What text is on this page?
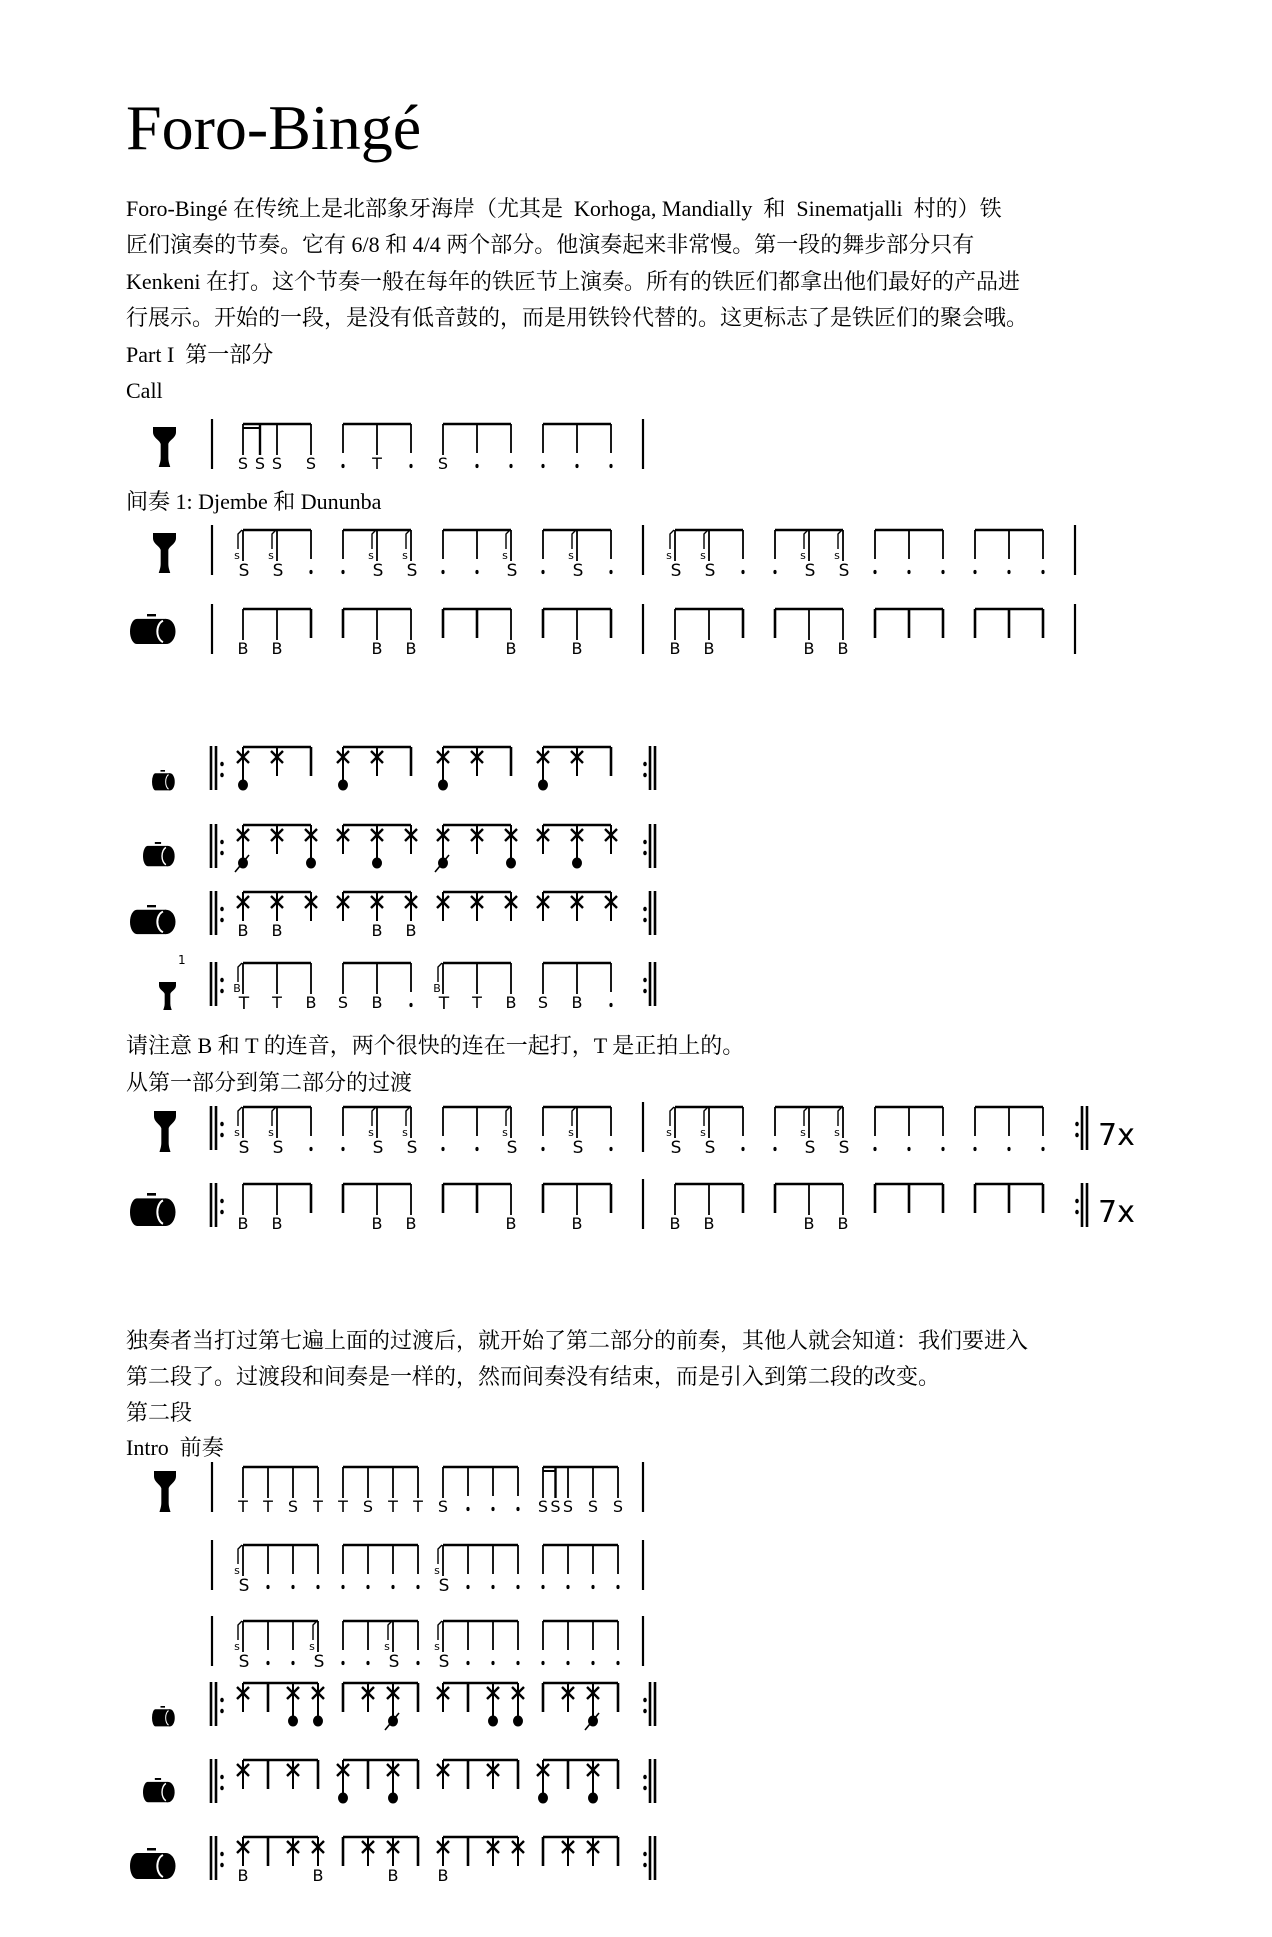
Foro-Bingé
Foro-Bingé 在传统上是北部象牙海岸（尤其是  Korhoga, Mandially  和  Sinematjalli  村的）铁
匠们演奏的节奏。它有 6/8 和 4/4 两个部分。他演奏起来非常慢。第一段的舞步部分只有
Kenkeni 在打。这个节奏一般在每年的铁匠节上演奏。所有的铁匠们都拿出他们最好的产品进
行展示。开始的一段，是没有低音鼓的，而是用铁铃代替的。这更标志了是铁匠们的聚会哦。
Part I  第一部分
Call
S S S S	T	S
间奏 1: Djembe 和 Dununba
s
S
s
S
s
S
s
S
s
S
s
S
s
S
s
S
s
S
s
S
B B	B B	B	B	B B	B B
B B	B B
1
B
T T B S B
B
T T B S B
请注意 B 和 T 的连音，两个很快的连在一起打，T 是正拍上的。
从第一部分到第二部分的过渡
7x
s
S
s
S
s
S
s
S
s
S
s
S
s
S
s
S
s
S
s
S
7x
B B	B B	B	B	B B	B B
独奏者当打过第七遍上面的过渡后，就开始了第二部分的前奏，其他人就会知道：我们要进入
第二段了。过渡段和间奏是一样的，然而间奏没有结束，而是引入到第二段的改变。
第二段
Intro  前奏
T T S T T S T T S	S S S S S
s
S
s
S
s
S
s
S
s
S
s
S
B	B	B B
